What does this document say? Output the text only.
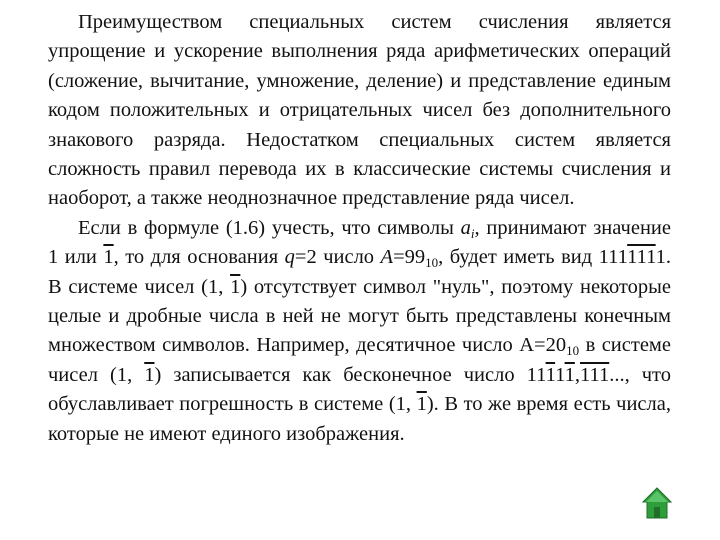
Преимуществом специальных систем счисления является упрощение и ускорение выполнения ряда арифметических операций (сложение, вычитание, умножение, деление) и представление единым кодом положительных и отрицательных чисел без дополнительного знакового разряда. Недостатком специальных систем является сложность правил перевода их в классические системы счисления и наоборот, а также неоднозначное представление ряда чисел.

Если в формуле (1.6) учесть, что символы $a_i$, принимают значение 1 или 1, то для основания q=2 число $A=99_{10}$, будет иметь вид 1111111. В системе чисел (1, 1) отсутствует символ "нуль", поэтому некоторые целые и дробные числа в ней не могут быть представлены конечным множеством символов. Например, десятичное число $А=20_{10}$ в системе чисел (1, 1) записывается как бесконечное число 11111,111..., что обуславливает погрешность в системе (1, 1). В то же время есть числа, которые не имеют единого изображения.
